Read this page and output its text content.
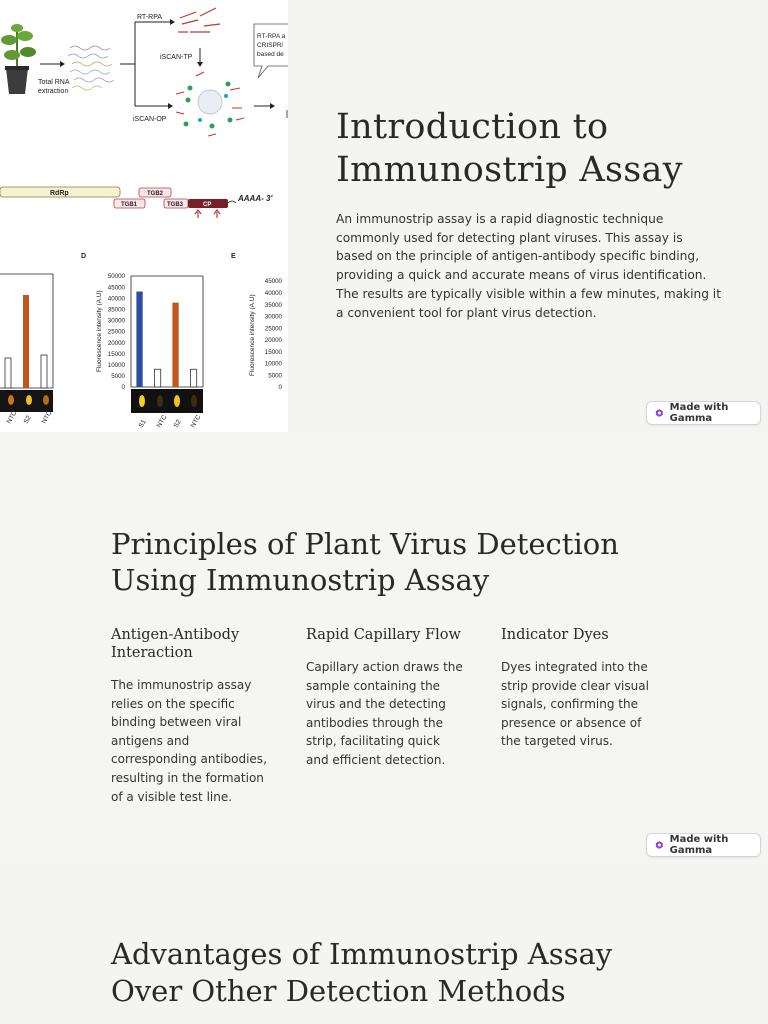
Total RNA
extraction
RT-RPA
iSCAN-TP
iSCAN-OP
RT-RPA a
CRISPR/
based de
RdRp	TGB2
TGB1	TGB3	CP
AAAA- 3'
D	E
Fluorescence intensity (A.U)
50000
45000
40000
35000
30000
25000
20000
15000
10000
5000
0
Fluorescence intensity (A.U)
45000
40000
35000
30000
25000
20000
15000
10000
5000
0
NTC S2 NTC	S1 NTC S2 NTC
Introduction to
Immunostrip Assay

An immunostrip assay is a rapid diagnostic technique commonly used for detecting plant viruses. This assay is based on the principle of antigen-antibody specific binding, providing a quick and accurate means of virus identification. The results are typically visible within a few minutes, making it a convenient tool for plant virus detection.

Made with Gamma
Principles of Plant Virus Detection
Using Immunostrip Assay
Antigen-Antibody Interaction

The immunostrip assay relies on the specific binding between viral antigens and corresponding antibodies, resulting in the formation of a visible test line.

Rapid Capillary Flow

Capillary action draws the sample containing the virus and the detecting antibodies through the strip, facilitating quick and efficient detection.

Indicator Dyes

Dyes integrated into the strip provide clear visual signals, confirming the presence or absence of the targeted virus.

Made with Gamma
Advantages of Immunostrip Assay
Over Other Detection Methods
